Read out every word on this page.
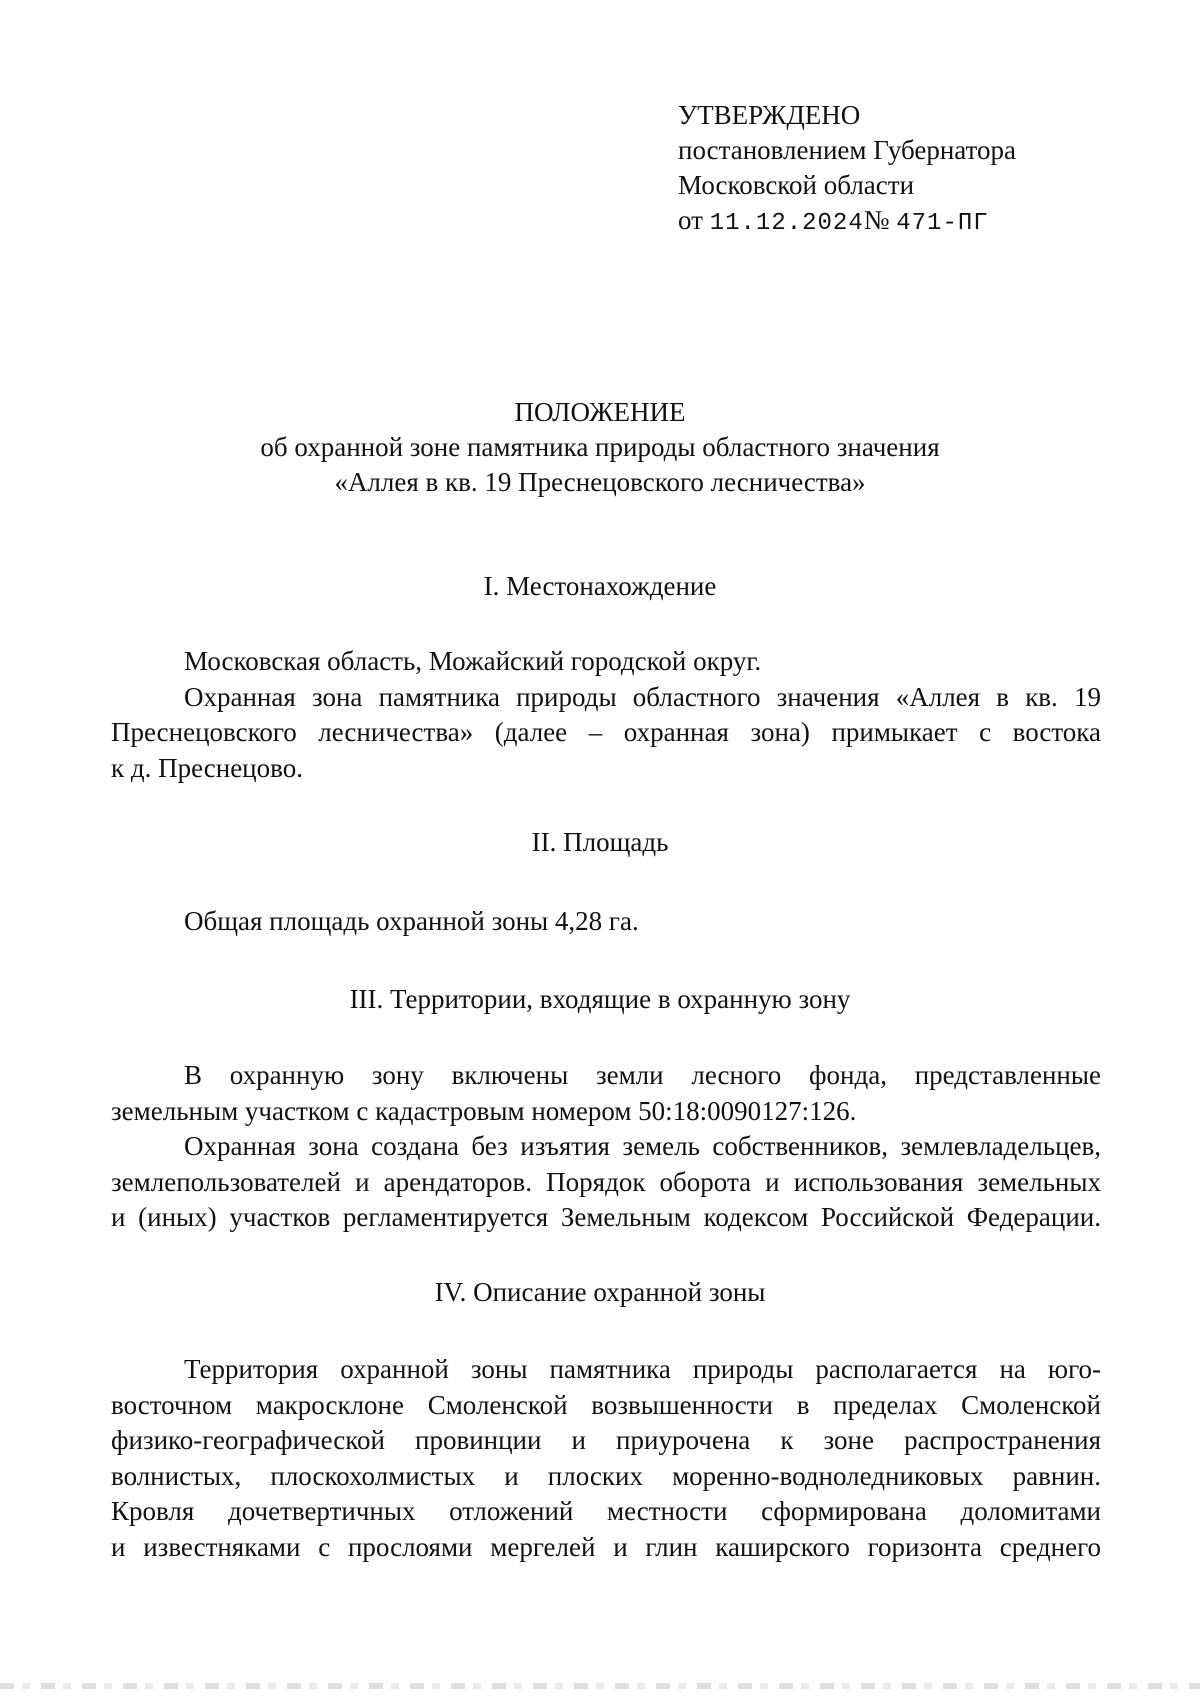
УТВЕРЖДЕНО
постановлением Губернатора
Московской области
от 11.12.2024№ 471-ПГ
ПОЛОЖЕНИЕ
об охранной зоне памятника природы областного значения
«Аллея в кв. 19 Преснецовского лесничества»
I. Местонахождение
Московская область, Можайский городской округ.
Охранная зона памятника природы областного значения «Аллея в кв. 19
Преснецовского лесничества» (далее – охранная зона) примыкает с востока
к д. Преснецово.
II. Площадь
Общая площадь охранной зоны 4,28 га.
III. Территории, входящие в охранную зону
В охранную зону включены земли лесного фонда, представленные
земельным участком с кадастровым номером 50:18:0090127:126.
Охранная зона создана без изъятия земель собственников, землевладельцев,
землепользователей и арендаторов. Порядок оборота и использования земельных
и (иных) участков регламентируется Земельным кодексом Российской Федерации.
IV. Описание охранной зоны
Территория охранной зоны памятника природы располагается на юго-
восточном макросклоне Смоленской возвышенности в пределах Смоленской
физико-географической провинции и приурочена к зоне распространения
волнистых, плоскохолмистых и плоских моренно-водноледниковых равнин.
Кровля дочетвертичных отложений местности сформирована доломитами
и известняками с прослоями мергелей и глин каширского горизонта среднего
